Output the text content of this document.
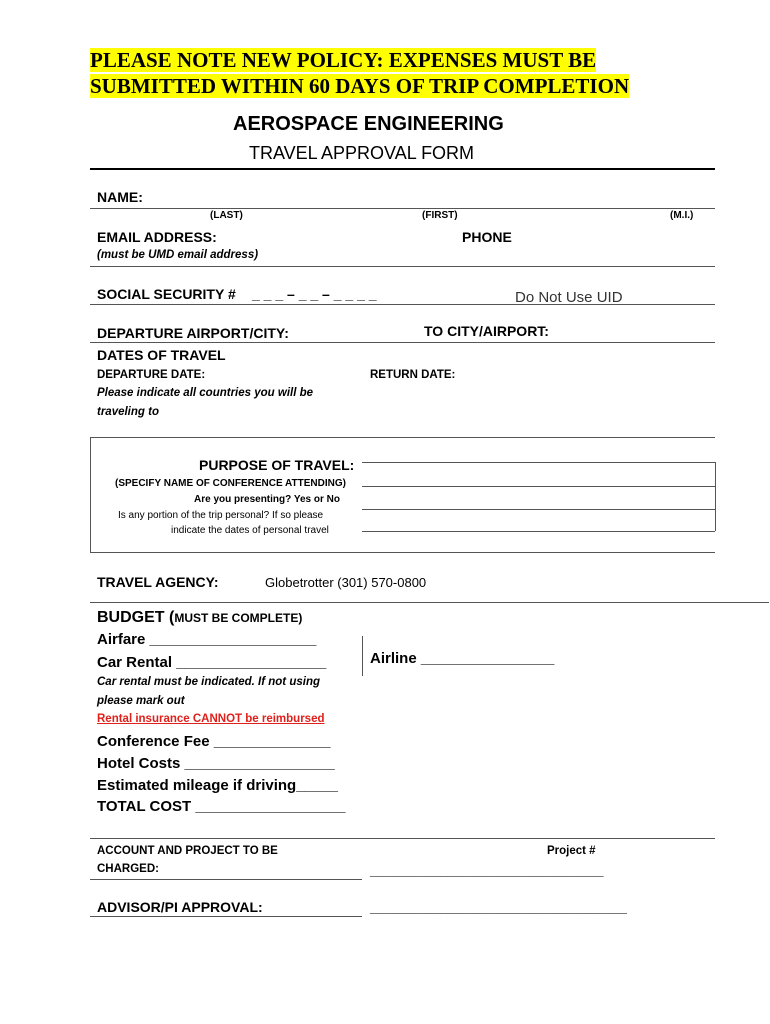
PLEASE NOTE NEW POLICY: EXPENSES MUST BE
SUBMITTED WITHIN 60 DAYS OF TRIP COMPLETION
AEROSPACE ENGINEERING
TRAVEL APPROVAL FORM
NAME:
(LAST)	(FIRST)	(M.I.)
EMAIL ADDRESS:	PHONE
(must be UMD email address)
SOCIAL SECURITY # _ _ _ – _ _ – _ _ _ _	Do Not Use UID
DEPARTURE AIRPORT/CITY:	TO CITY/AIRPORT:
DATES OF TRAVEL
DEPARTURE DATE:	RETURN DATE:
Please indicate all countries you will be
traveling to
PURPOSE OF TRAVEL:
(SPECIFY NAME OF CONFERENCE ATTENDING)
Are you presenting? Yes or No
Is any portion of the trip personal? If so please
indicate the dates of personal travel
TRAVEL AGENCY:	Globetrotter (301) 570-0800
BUDGET (MUST BE COMPLETE)
Airfare ____________________
Car Rental __________________	Airline ________________
Car rental must be indicated. If not using
please mark out
Rental insurance CANNOT be reimbursed
Conference Fee ______________
Hotel Costs __________________
Estimated mileage if driving_____
TOTAL COST __________________
ACCOUNT AND PROJECT TO BE
CHARGED:
Project #
______________________________
ADVISOR/PI APPROVAL:	_________________________________
